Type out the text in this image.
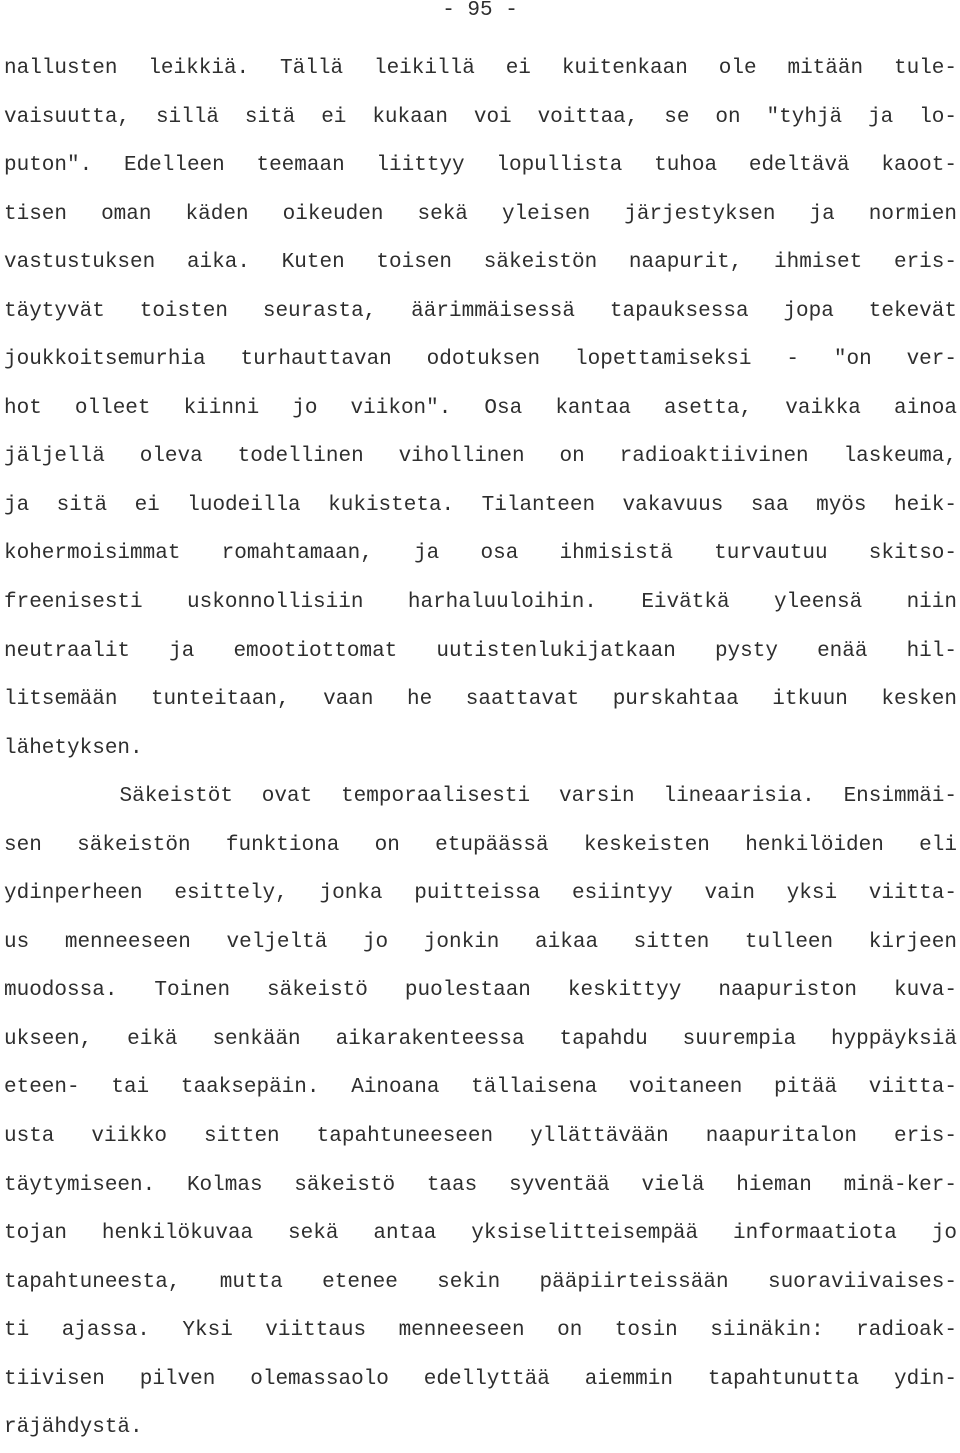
- 95 -
nallusten leikkiä. Tällä leikillä ei kuitenkaan ole mitään tule-
vaisuutta, sillä sitä ei kukaan voi voittaa, se on "tyhjä ja lo-
puton". Edelleen teemaan liittyy lopullista tuhoa edeltävä kaoot-
tisen oman käden oikeuden sekä yleisen järjestyksen ja normien
vastustuksen aika. Kuten toisen säkeistön naapurit, ihmiset eris-
täytyvät toisten seurasta, äärimmäisessä tapauksessa jopa tekevät
joukkoitsemurhia turhauttavan odotuksen lopettamiseksi - "on ver-
hot olleet kiinni jo viikon". Osa kantaa asetta, vaikka ainoa
jäljellä oleva todellinen vihollinen on radioaktiivinen laskeuma,
ja sitä ei luodeilla kukisteta. Tilanteen vakavuus saa myös heik-
kohermoisimmat romahtamaan, ja osa ihmisistä turvautuu skitso-
freenisesti uskonnollisiin harhaluuloihin. Eivätkä yleensä niin
neutraalit ja emootiottomat uutistenlukijatkaan pysty enää hil-
litsemään tunteitaan, vaan he saattavat purskahtaa itkuun kesken
lähetyksen.
Säkeistöt ovat temporaalisesti varsin lineaarisia. Ensimmäi-
sen säkeistön funktiona on etupäässä keskeisten henkilöiden eli
ydinperheen esittely, jonka puitteissa esiintyy vain yksi viitta-
us menneeseen veljeltä jo jonkin aikaa sitten tulleen kirjeen
muodossa. Toinen säkeistö puolestaan keskittyy naapuriston kuva-
ukseen, eikä senkään aikarakenteessa tapahdu suurempia hyppäyksiä
eteen- tai taaksepäin. Ainoana tällaisena voitaneen pitää viitta-
usta viikko sitten tapahtuneeseen yllättävään naapuritalon eris-
täytymiseen. Kolmas säkeistö taas syventää vielä hieman minä-ker-
tojan henkilökuvaa sekä antaa yksiselitteisempää informaatiota jo
tapahtuneesta, mutta etenee sekin pääpiirteissään suoraviivaises-
ti ajassa. Yksi viittaus menneeseen on tosin siinäkin: radioak-
tiivisen pilven olemassaolo edellyttää aiemmin tapahtunutta ydin-
räjähdystä.
